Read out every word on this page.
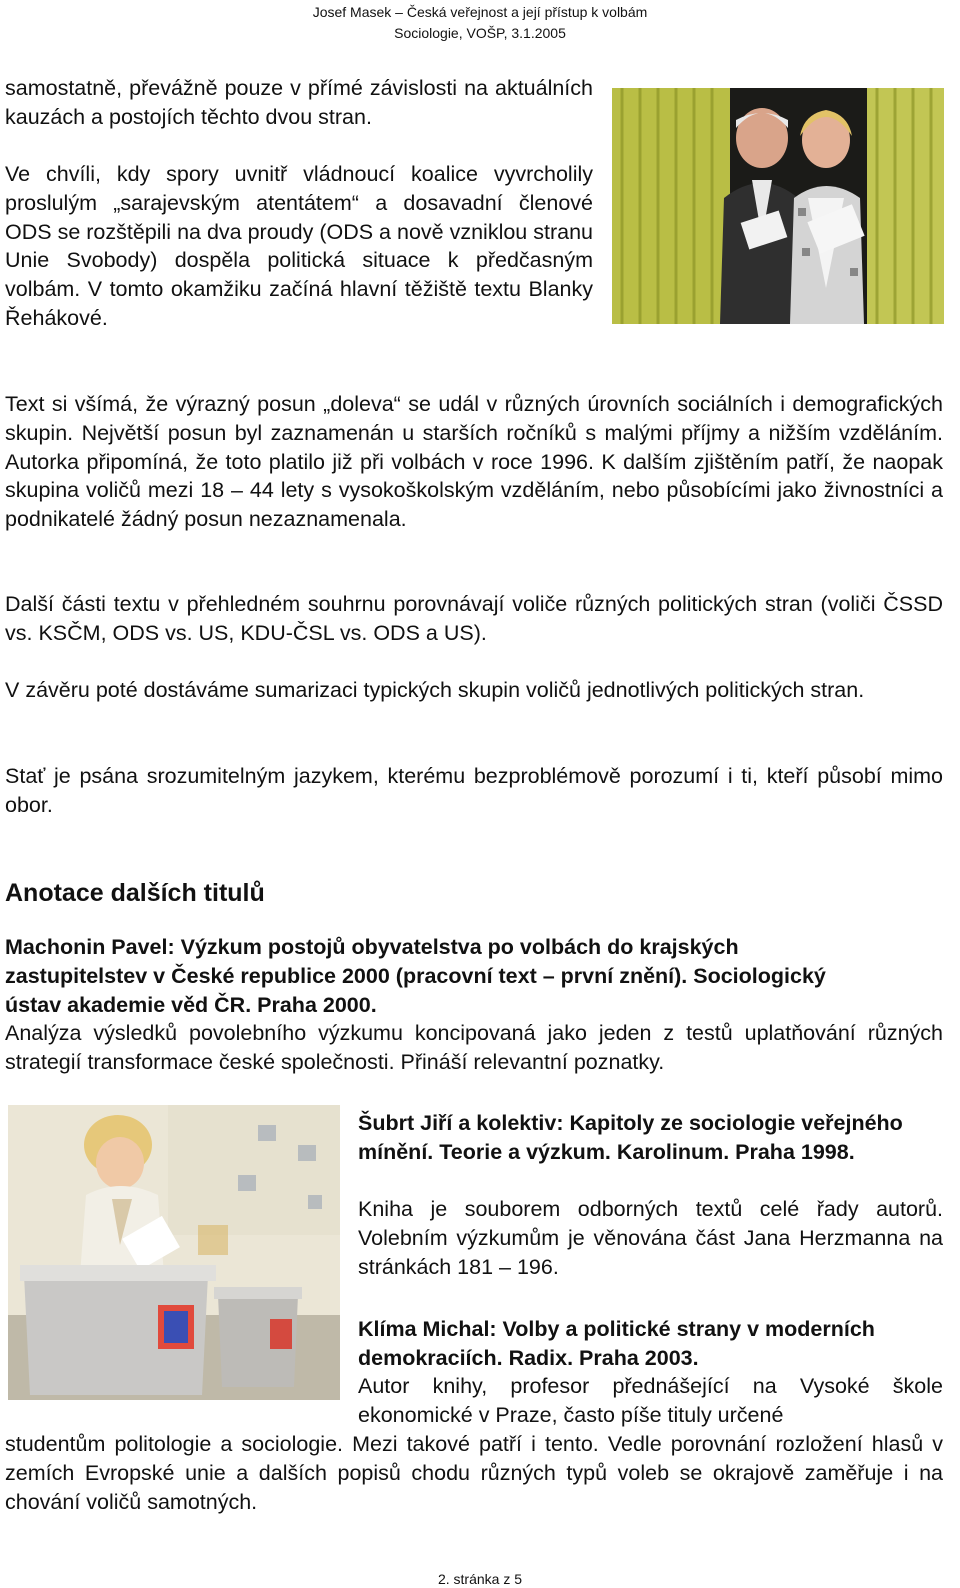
Josef Masek – Česká veřejnost a její přístup k volbám
Sociologie, VOŠP, 3.1.2005

samostatně, převážně pouze v přímé závislosti na aktuálních kauzách a postojích těchto dvou stran.

Ve chvíli, kdy spory uvnitř vládnoucí koalice vyvrcholily proslulým „sarajevským atentátem“ a dosavadní členové ODS se rozštěpili na dva proudy (ODS a nově vzniklou stranu Unie Svobody) dospěla politická situace k předčasným volbám. V tomto okamžiku začíná hlavní těžiště textu Blanky Řehákové.

Text si všímá, že výrazný posun „doleva“ se udál v různých úrovních sociálních i demografických skupin. Největší posun byl zaznamenán u starších ročníků s malými příjmy a nižším vzděláním. Autorka připomíná, že toto platilo již při volbách v roce 1996. K dalším zjištěním patří, že naopak skupina voličů mezi 18 – 44 lety s vysokoškolským vzděláním, nebo působícími jako živnostníci a podnikatelé žádný posun nezaznamenala.

Další části textu v přehledném souhrnu porovnávají voliče různých politických stran (voliči ČSSD vs. KSČM, ODS vs. US, KDU-ČSL vs. ODS a US).

V závěru poté dostáváme sumarizaci typických skupin voličů jednotlivých politických stran.

Stať je psána srozumitelným jazykem, kterému bezproblémově porozumí i ti, kteří působí mimo obor.

Anotace dalších titulů

Machonin Pavel: Výzkum postojů obyvatelstva po volbách do krajských zastupitelstev v České republice 2000 (pracovní text – první znění). Sociologický ústav akademie věd ČR. Praha 2000.

Analýza výsledků povolebního výzkumu koncipovaná jako jeden z testů uplatňování různých strategií transformace české společnosti. Přináší relevantní poznatky.

Šubrt Jiří a kolektiv: Kapitoly ze sociologie veřejného mínění. Teorie a výzkum. Karolinum. Praha 1998.

Kniha je souborem odborných textů celé řady autorů. Volebním výzkumům je věnována část Jana Herzmanna na stránkách 181 – 196.

Klíma Michal: Volby a politické strany v moderních demokraciích. Radix. Praha 2003.

Autor knihy, profesor přednášející na Vysoké škole ekonomické v Praze, často píše tituly určené

studentům politologie a sociologie. Mezi takové patří i tento. Vedle porovnání rozložení hlasů v zemích Evropské unie a dalších popisů chodu různých typů voleb se okrajově zaměřuje i na chování voličů samotných.

2. stránka z 5
